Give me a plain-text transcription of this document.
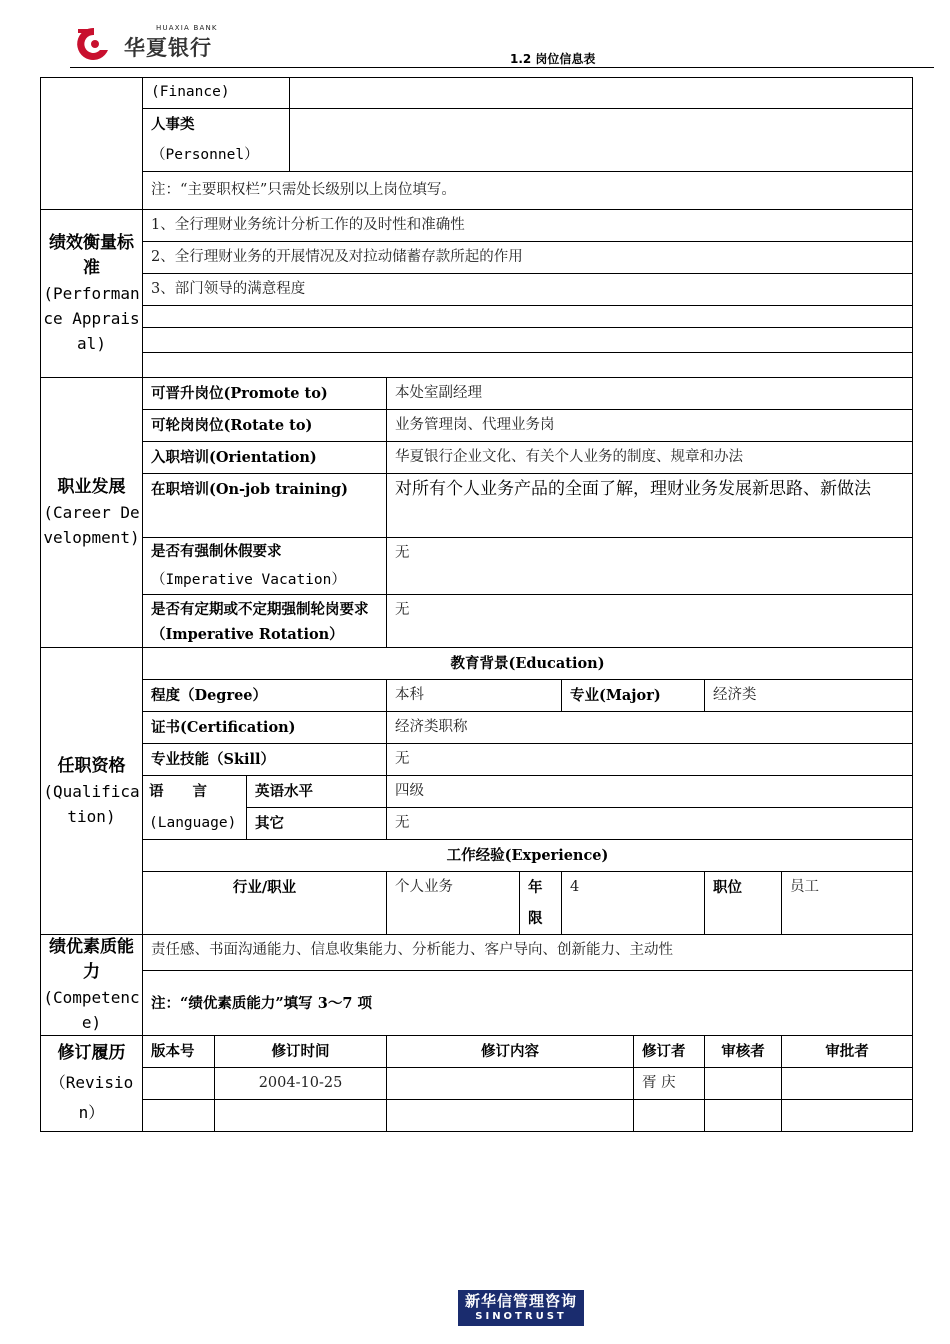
HUAXIA BANK
华夏银行	1.2 岗位信息表
	(Finance)									

	人事类
（Personnel）									

	注：“主要职权栏”只需处长级别以上岗位填写。									
绩效衡量标准
(Performance Appraisal)	1、全行理财业务统计分析工作的及时性和准确性									
	2、全行理财业务的开展情况及对拉动储蓄存款所起的作用									
	3、部门领导的满意程度									

职业发展
(Career Development)	可晋升岗位(Promote to)				本处室副经理					
	可轮岗岗位(Rotate to)				业务管理岗、代理业务岗					
	入职培训(Orientation)				华夏银行企业文化、有关个人业务的制度、规章和办法					
	在职培训(On-job training)				对所有个人业务产品的全面了解，理财业务发展新思路、新做法					

	是否有强制休假要求
（Imperative Vacation）				无					
	是否有定期或不定期强制轮岗要求（Imperative Rotation）				无					
任职资格
(Qualification)	教育背景(Education)									
	程度（Degree）				本科		专业(Major)		经济类	
	证书(Certification)				经济类职称					
	专业技能（Skill）				无					

	语　　言
(Language)		英语水平		四级					
			其它		无					
	工作经验(Experience)									
	行业/职业				个人业务	年限	4		职位	员工
绩优素质能力
(Competence)	责任感、书面沟通能力、信息收集能力、分析能力、客户导向、创新能力、主动性									
	注：“绩优素质能力”填写 3～7 项									
修订履历
（Revision）	版本号	修订时间			修订内容			修订者	审核者	审批者
		2004-10-25						胥 庆		

新华信管理咨询
SINOTRUST
